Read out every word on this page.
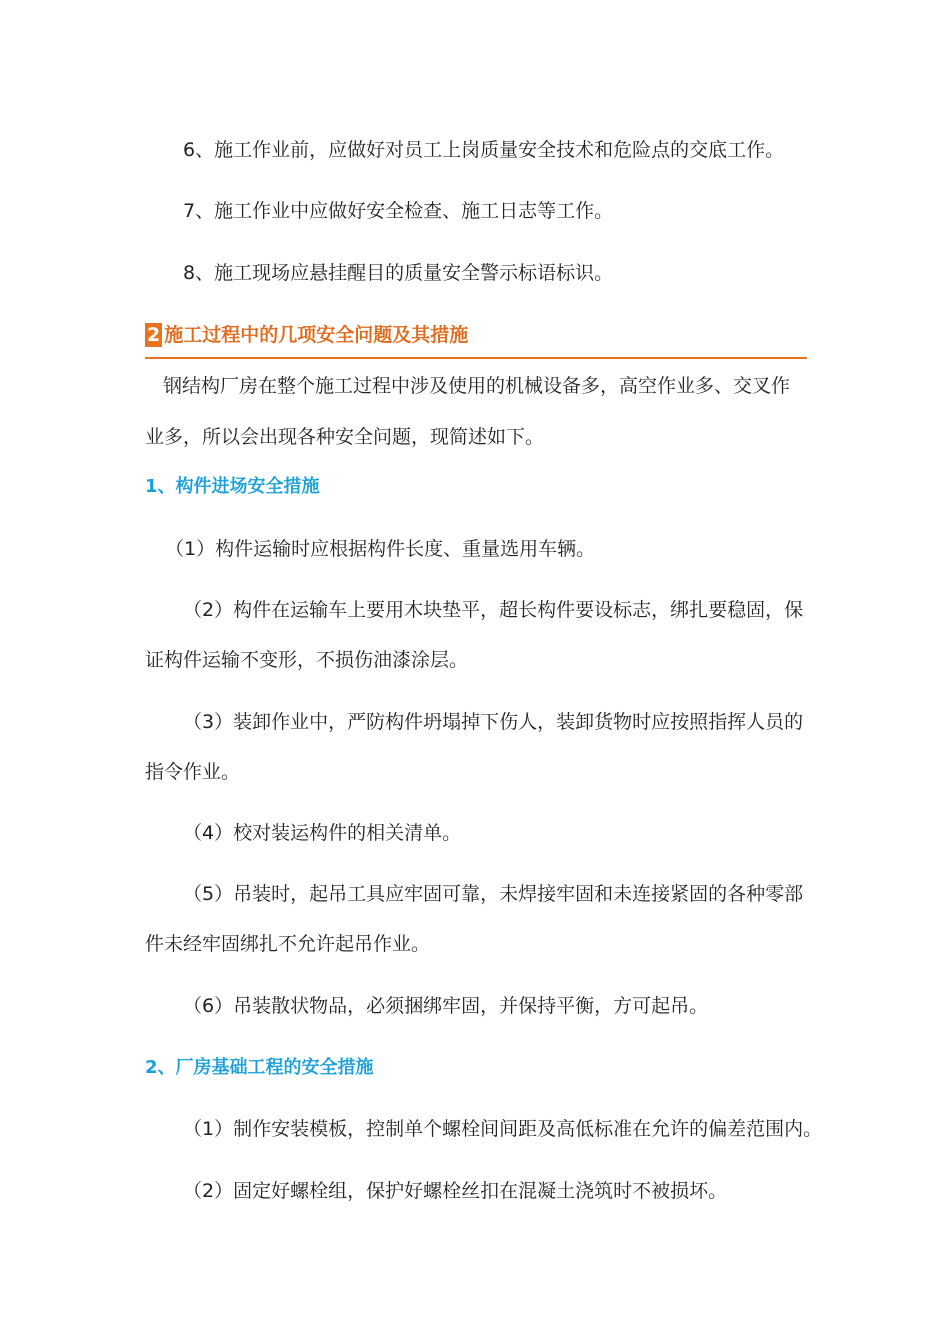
6、施工作业前，应做好对员工上岗质量安全技术和危险点的交底工作。
7、施工作业中应做好安全检查、施工日志等工作。
8、施工现场应悬挂醒目的质量安全警示标语标识。
2 施工过程中的几项安全问题及其措施
钢结构厂房在整个施工过程中涉及使用的机械设备多，高空作业多、交叉作
业多，所以会出现各种安全问题，现简述如下。
1、构件进场安全措施
（1）构件运输时应根据构件长度、重量选用车辆。
（2）构件在运输车上要用木块垫平，超长构件要设标志，绑扎要稳固，保
证构件运输不变形，不损伤油漆涂层。
（3）装卸作业中，严防构件坍塌掉下伤人，装卸货物时应按照指挥人员的
指令作业。
（4）校对装运构件的相关清单。
（5）吊装时，起吊工具应牢固可靠，未焊接牢固和未连接紧固的各种零部
件未经牢固绑扎不允许起吊作业。
（6）吊装散状物品，必须捆绑牢固，并保持平衡，方可起吊。
2、厂房基础工程的安全措施
（1）制作安装模板，控制单个螺栓间间距及高低标准在允许的偏差范围内。
（2）固定好螺栓组，保护好螺栓丝扣在混凝土浇筑时不被损坏。
